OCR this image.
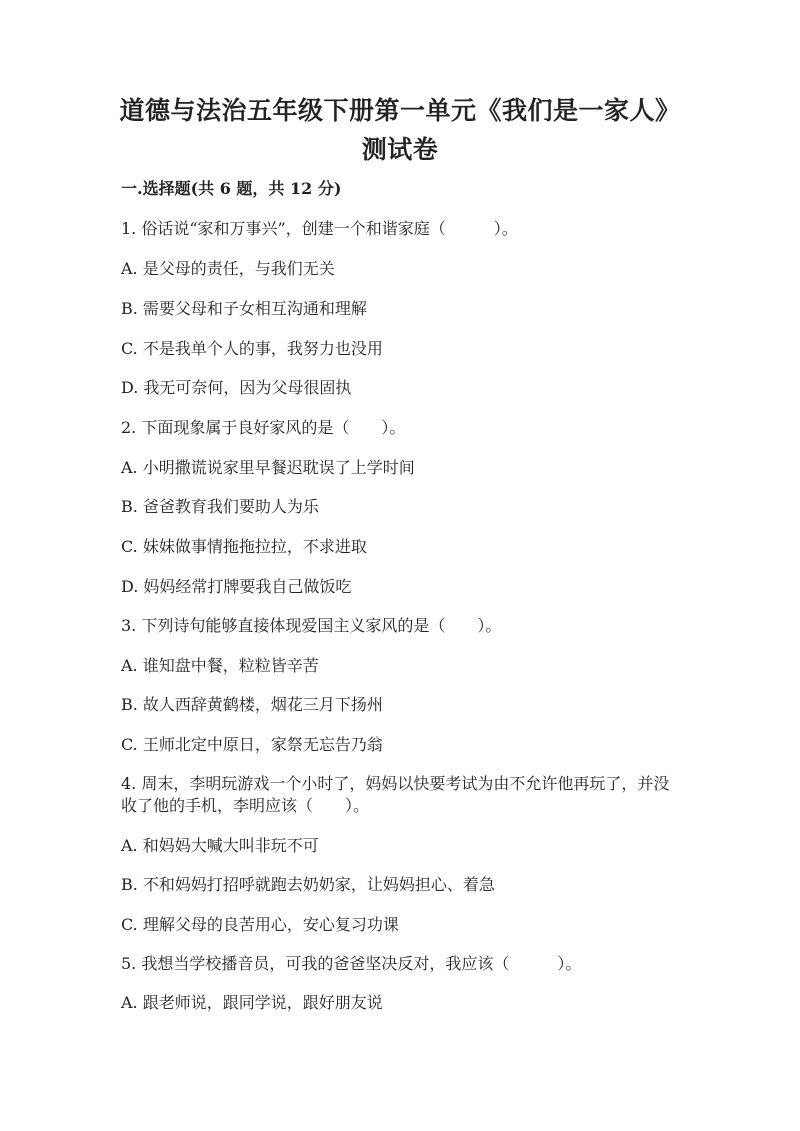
道德与法治五年级下册第一单元《我们是一家人》
测试卷
一.选择题(共 6 题，共 12 分)
1. 俗话说“家和万事兴”，创建一个和谐家庭（　　　）。
A. 是父母的责任，与我们无关
B. 需要父母和子女相互沟通和理解
C. 不是我单个人的事，我努力也没用
D. 我无可奈何，因为父母很固执
2. 下面现象属于良好家风的是（　　）。
A. 小明撒谎说家里早餐迟耽误了上学时间
B. 爸爸教育我们要助人为乐
C. 妹妹做事情拖拖拉拉，不求进取
D. 妈妈经常打牌要我自己做饭吃
3. 下列诗句能够直接体现爱国主义家风的是（　　）。
A. 谁知盘中餐，粒粒皆辛苦
B. 故人西辞黄鹤楼，烟花三月下扬州
C. 王师北定中原日，家祭无忘告乃翁
4. 周末，李明玩游戏一个小时了，妈妈以快要考试为由不允许他再玩了，并没
收了他的手机，李明应该（　　）。
A. 和妈妈大喊大叫非玩不可
B. 不和妈妈打招呼就跑去奶奶家，让妈妈担心、着急
C. 理解父母的良苦用心，安心复习功课
5. 我想当学校播音员，可我的爸爸坚决反对，我应该（　　　）。
A. 跟老师说，跟同学说，跟好朋友说
